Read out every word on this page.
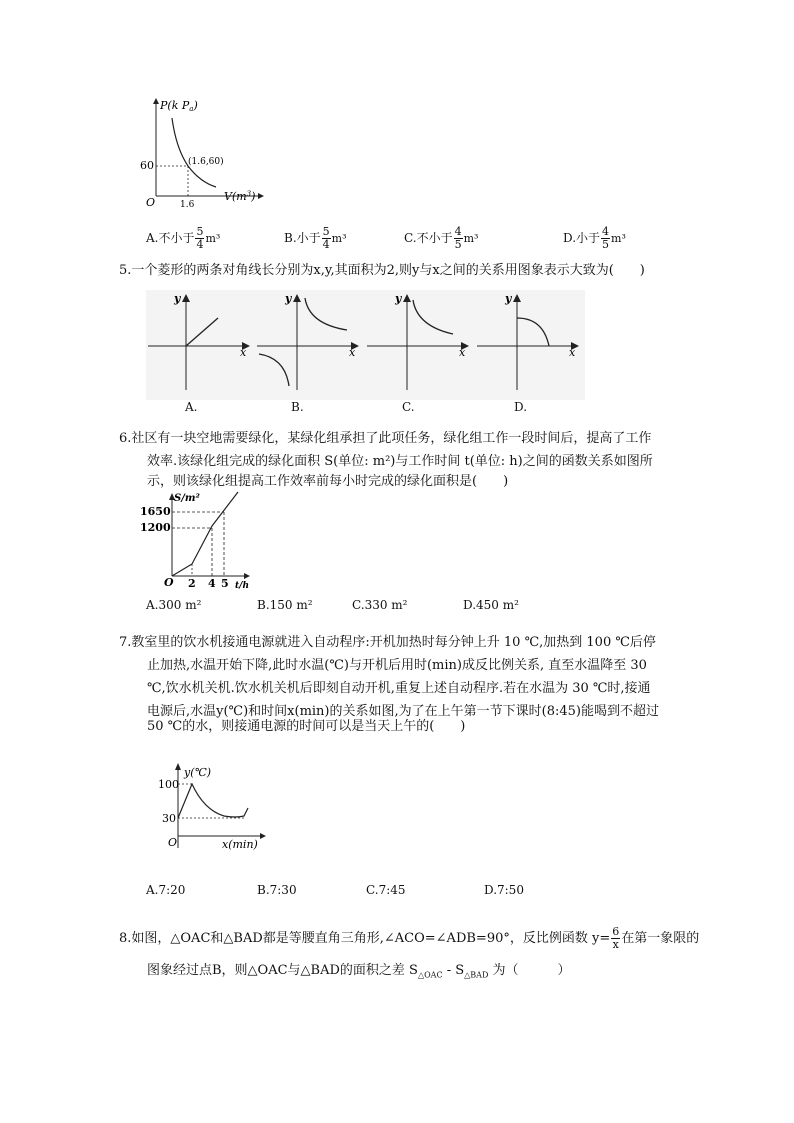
P(k Pa)
$V(m^3)$
O
60
1.6
(1.6,60)
A.不小于 $\frac{5}{4} m^3$	B.小于 $\frac{5}{4} m^3$	C.不小于 $\frac{4}{5} m^3$	D.小于 $\frac{4}{5} m^3$
5.一个菱形的两条对角线长分别为x,y,其面积为2,则y与x之间的关系用图象表示大致为(　　)
y
x
y
x
y
x
y
x
A.	B.	C.	D.
6.社区有一块空地需要绿化，某绿化组承担了此项任务，绿化组工作一段时间后，提高了工作
效率.该绿化组完成的绿化面积 S(单位: m²)与工作时间 t(单位: h)之间的函数关系如图所
示，则该绿化组提高工作效率前每小时完成的绿化面积是(　　)
S/m²
1650
1200
O 2 4 5 t/h
A.300 m²	B.150 m²	C.330 m²	D.450 m²
7.教室里的饮水机接通电源就进入自动程序:开机加热时每分钟上升 10 ℃,加热到 100 ℃后停
止加热,水温开始下降,此时水温(℃)与开机后用时(min)成反比例关系, 直至水温降至 30
℃,饮水机关机.饮水机关机后即刻自动开机,重复上述自动程序.若在水温为 30 ℃时,接通
电源后,水温y(℃)和时间x(min)的关系如图,为了在上午第一节下课时(8:45)能喝到不超过
50 ℃的水，则接通电源的时间可以是当天上午的(　　)
y(℃)
100
30
O	x(min)
A.7:20	B.7:30	C.7:45	D.7:50
8.如图，△OAC和△BAD都是等腰直角三角形,∠ACO=∠ADB=90°，反比例函数 $y= \frac{6}{x}$ 在第一象限的
图象经过点B，则△OAC与△BAD的面积之差 $S_{\triangle OAC} - S_{\triangle BAD}$ 为（　　　）
